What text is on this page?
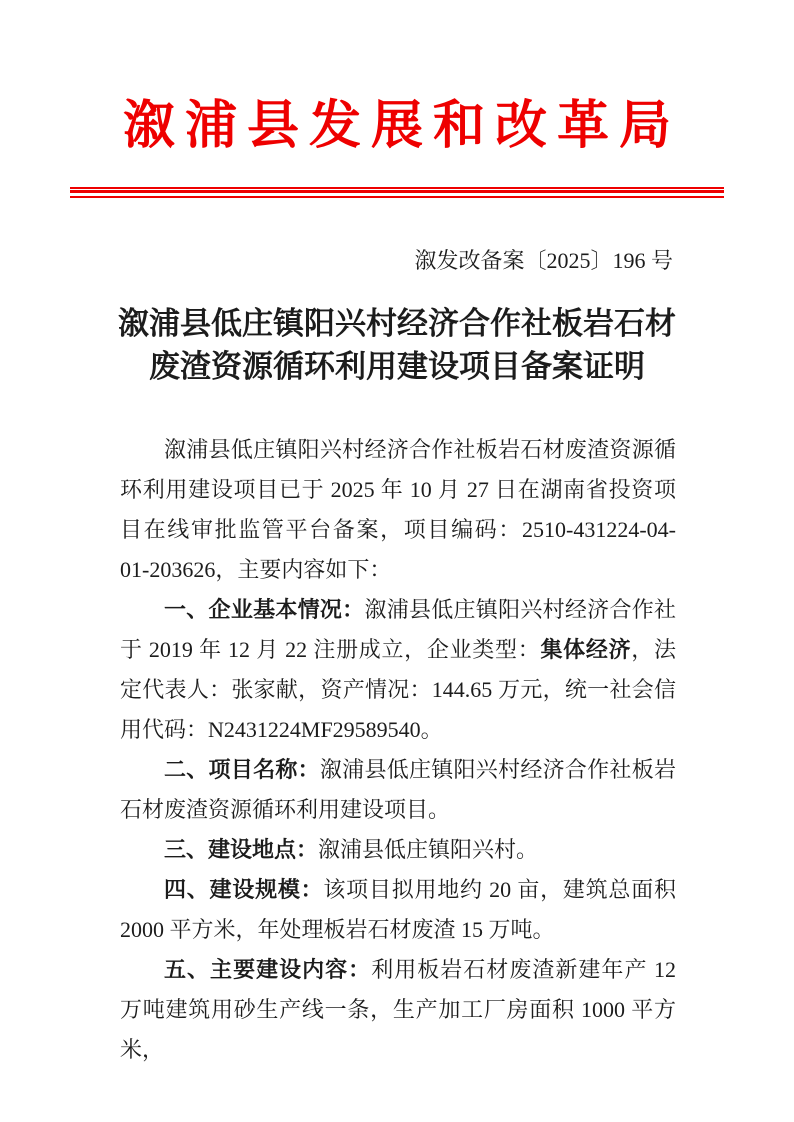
溆浦县发展和改革局
溆发改备案〔2025〕196 号
溆浦县低庄镇阳兴村经济合作社板岩石材
废渣资源循环利用建设项目备案证明

溆浦县低庄镇阳兴村经济合作社板岩石材废渣资源循环利用建设项目已于 2025 年 10 月 27 日在湖南省投资项目在线审批监管平台备案，项目编码：2510-431224-04-01-203626，主要内容如下：

一、企业基本情况：溆浦县低庄镇阳兴村经济合作社于 2019 年 12 月 22 注册成立，企业类型：集体经济，法定代表人：张家献，资产情况：144.65 万元，统一社会信用代码：N2431224MF29589540。

二、项目名称：溆浦县低庄镇阳兴村经济合作社板岩石材废渣资源循环利用建设项目。

三、建设地点：溆浦县低庄镇阳兴村。

四、建设规模：该项目拟用地约 20 亩，建筑总面积 2000 平方米，年处理板岩石材废渣 15 万吨。

五、主要建设内容：利用板岩石材废渣新建年产 12 万吨建筑用砂生产线一条，生产加工厂房面积 1000 平方米，
